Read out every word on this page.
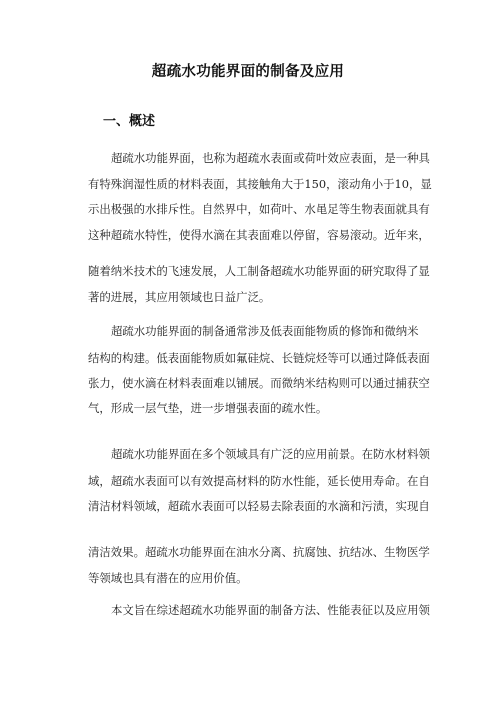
超疏水功能界面的制备及应用
一、概述
超疏水功能界面，也称为超疏水表面或荷叶效应表面，是一种具
有特殊润湿性质的材料表面，其接触角大于150，滚动角小于10，显
示出极强的水排斥性。自然界中，如荷叶、水黾足等生物表面就具有
这种超疏水特性，使得水滴在其表面难以停留，容易滚动。近年来，
随着纳米技术的飞速发展，人工制备超疏水功能界面的研究取得了显
著的进展，其应用领域也日益广泛。
超疏水功能界面的制备通常涉及低表面能物质的修饰和微纳米
结构的构建。低表面能物质如氟硅烷、长链烷烃等可以通过降低表面
张力，使水滴在材料表面难以铺展。而微纳米结构则可以通过捕获空
气，形成一层气垫，进一步增强表面的疏水性。
超疏水功能界面在多个领域具有广泛的应用前景。在防水材料领
域，超疏水表面可以有效提高材料的防水性能，延长使用寿命。在自
清洁材料领域，超疏水表面可以轻易去除表面的水滴和污渍，实现自
清洁效果。超疏水功能界面在油水分离、抗腐蚀、抗结冰、生物医学
等领域也具有潜在的应用价值。
本文旨在综述超疏水功能界面的制备方法、性能表征以及应用领
